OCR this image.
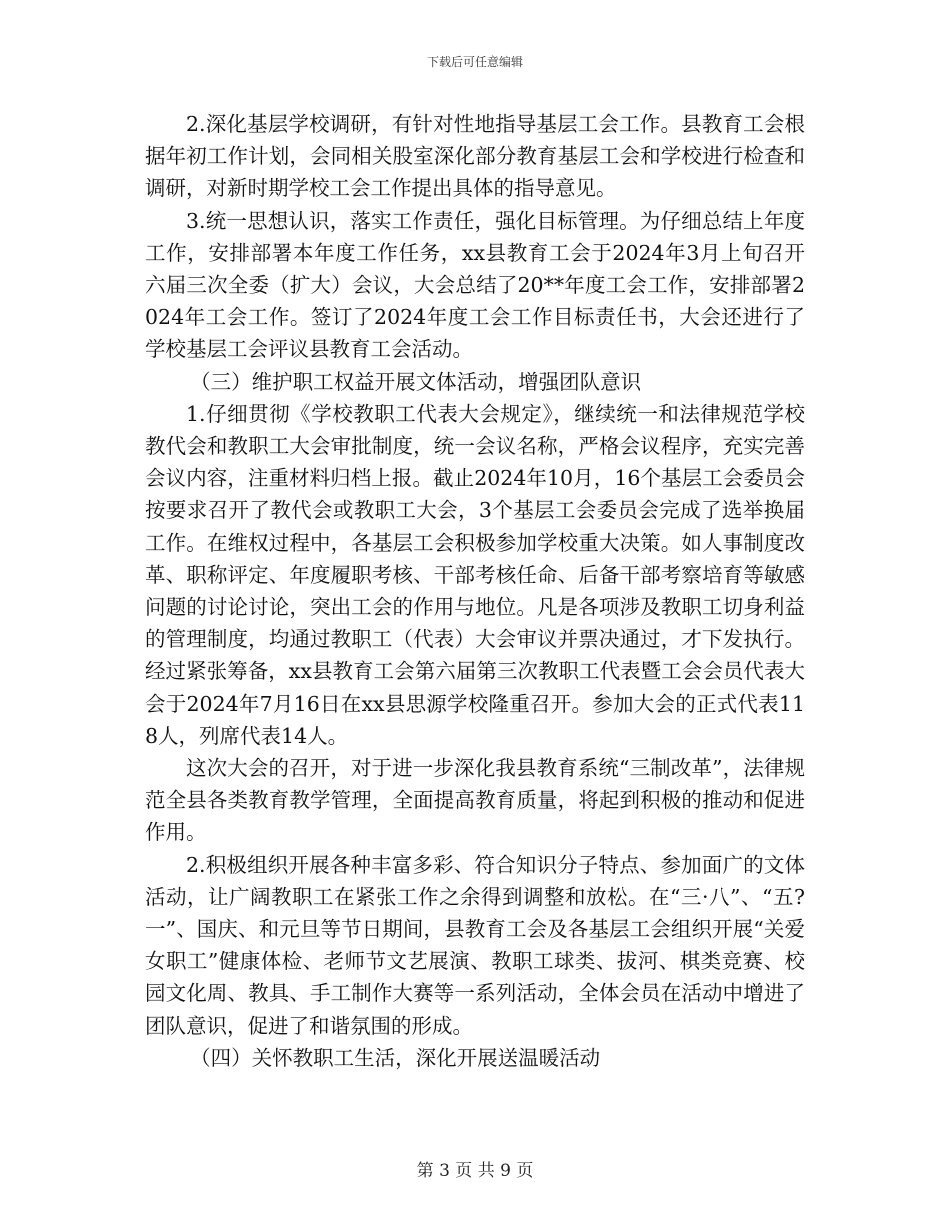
下载后可任意编辑

2.深化基层学校调研，有针对性地指导基层工会工作。县教育工会根据年初工作计划，会同相关股室深化部分教育基层工会和学校进行检查和调研，对新时期学校工会工作提出具体的指导意见。

3.统一思想认识，落实工作责任，强化目标管理。为仔细总结上年度工作，安排部署本年度工作任务，xx县教育工会于2024年3月上旬召开六届三次全委（扩大）会议，大会总结了20**年度工会工作，安排部署2024年工会工作。签订了2024年度工会工作目标责任书，大会还进行了学校基层工会评议县教育工会活动。

（三）维护职工权益开展文体活动，增强团队意识

1.仔细贯彻《学校教职工代表大会规定》，继续统一和法律规范学校教代会和教职工大会审批制度，统一会议名称，严格会议程序，充实完善会议内容，注重材料归档上报。截止2024年10月，16个基层工会委员会按要求召开了教代会或教职工大会，3个基层工会委员会完成了选举换届工作。在维权过程中，各基层工会积极参加学校重大决策。如人事制度改革、职称评定、年度履职考核、干部考核任命、后备干部考察培育等敏感问题的讨论讨论，突出工会的作用与地位。凡是各项涉及教职工切身利益的管理制度，均通过教职工（代表）大会审议并票决通过，才下发执行。经过紧张筹备，xx县教育工会第六届第三次教职工代表暨工会会员代表大会于2024年7月16日在xx县思源学校隆重召开。参加大会的正式代表118人，列席代表14人。

这次大会的召开，对于进一步深化我县教育系统“三制改革”，法律规范全县各类教育教学管理，全面提高教育质量，将起到积极的推动和促进作用。

2.积极组织开展各种丰富多彩、符合知识分子特点、参加面广的文体活动，让广阔教职工在紧张工作之余得到调整和放松。在“三·八”、“五?一”、国庆、和元旦等节日期间，县教育工会及各基层工会组织开展“关爱女职工”健康体检、老师节文艺展演、教职工球类、拔河、棋类竞赛、校园文化周、教具、手工制作大赛等一系列活动，全体会员在活动中增进了团队意识，促进了和谐氛围的形成。

（四）关怀教职工生活，深化开展送温暖活动

第 3 页 共 9 页
